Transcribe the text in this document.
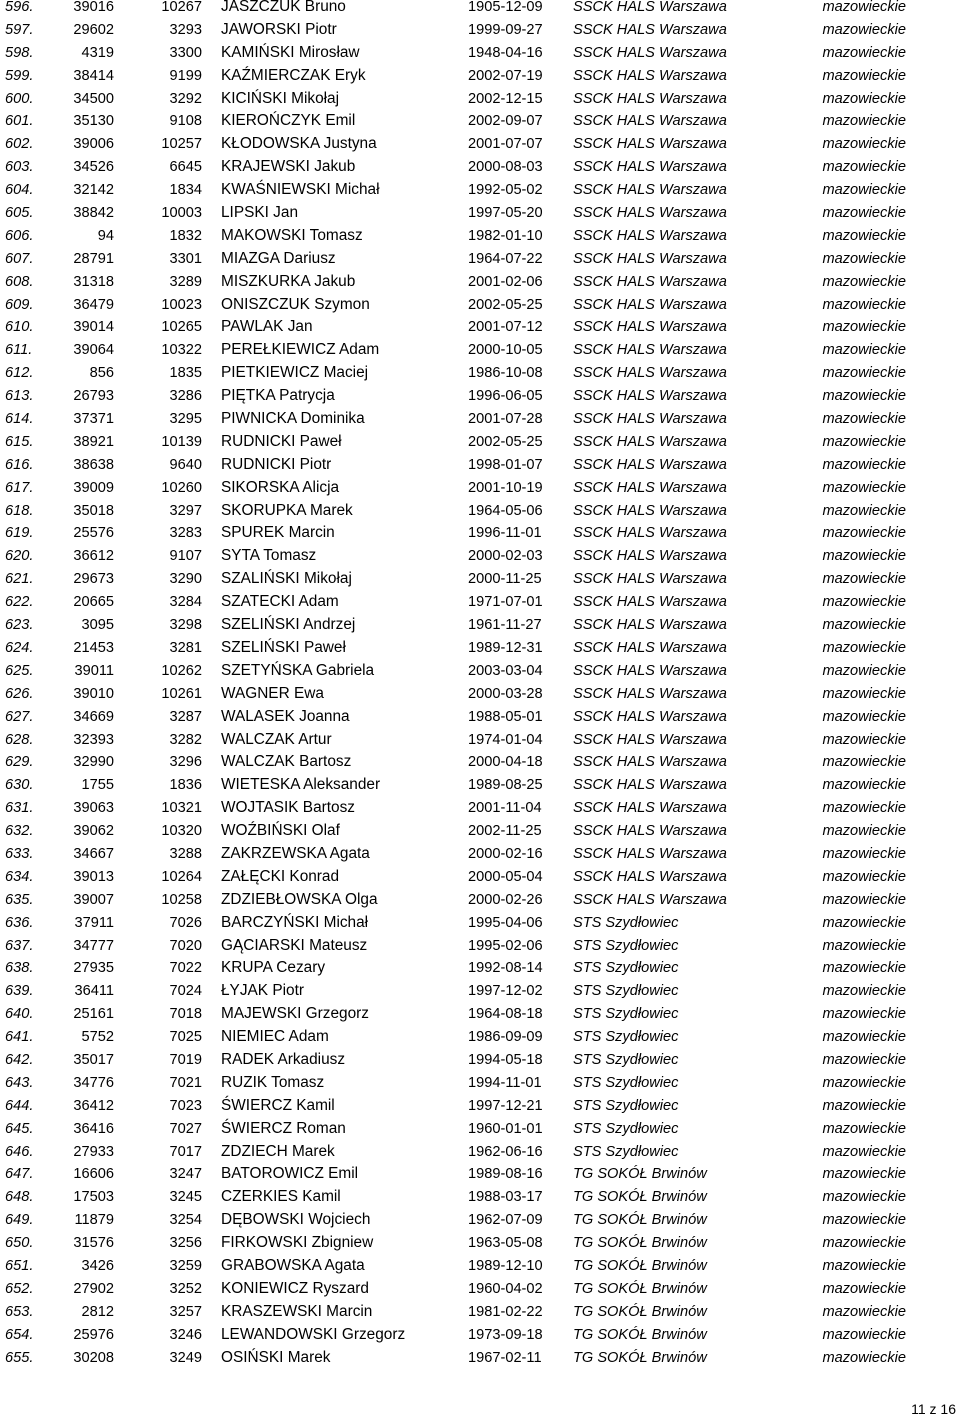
596.	39016	10267 JASZCZUK Bruno	1905-12-09 SSCK HALS Warszawa	mazowieckie
597.	29602	3293 JAWORSKI Piotr	1999-09-27 SSCK HALS Warszawa	mazowieckie
598.	4319	3300 KAMIŃSKI Mirosław	1948-04-16 SSCK HALS Warszawa	mazowieckie
599.	38414	9199 KAŹMIERCZAK Eryk	2002-07-19 SSCK HALS Warszawa	mazowieckie
600.	34500	3292 KICIŃSKI Mikołaj	2002-12-15 SSCK HALS Warszawa	mazowieckie
601.	35130	9108 KIEROŃCZYK Emil	2002-09-07 SSCK HALS Warszawa	mazowieckie
602.	39006	10257 KŁODOWSKA Justyna	2001-07-07 SSCK HALS Warszawa	mazowieckie
603.	34526	6645 KRAJEWSKI Jakub	2000-08-03 SSCK HALS Warszawa	mazowieckie
604.	32142	1834 KWAŚNIEWSKI Michał	1992-05-02 SSCK HALS Warszawa	mazowieckie
605.	38842	10003 LIPSKI Jan	1997-05-20 SSCK HALS Warszawa	mazowieckie
606.	94	1832 MAKOWSKI Tomasz	1982-01-10 SSCK HALS Warszawa	mazowieckie
607.	28791	3301 MIAZGA Dariusz	1964-07-22 SSCK HALS Warszawa	mazowieckie
608.	31318	3289 MISZKURKA Jakub	2001-02-06 SSCK HALS Warszawa	mazowieckie
609.	36479	10023 ONISZCZUK Szymon	2002-05-25 SSCK HALS Warszawa	mazowieckie
610.	39014	10265 PAWLAK Jan	2001-07-12 SSCK HALS Warszawa	mazowieckie
611.	39064	10322 PEREŁKIEWICZ Adam	2000-10-05 SSCK HALS Warszawa	mazowieckie
612.	856	1835 PIETKIEWICZ Maciej	1986-10-08 SSCK HALS Warszawa	mazowieckie
613.	26793	3286 PIĘTKA Patrycja	1996-06-05 SSCK HALS Warszawa	mazowieckie
614.	37371	3295 PIWNICKA Dominika	2001-07-28 SSCK HALS Warszawa	mazowieckie
615.	38921	10139 RUDNICKI Paweł	2002-05-25 SSCK HALS Warszawa	mazowieckie
616.	38638	9640 RUDNICKI Piotr	1998-01-07 SSCK HALS Warszawa	mazowieckie
617.	39009	10260 SIKORSKA Alicja	2001-10-19 SSCK HALS Warszawa	mazowieckie
618.	35018	3297 SKORUPKA Marek	1964-05-06 SSCK HALS Warszawa	mazowieckie
619.	25576	3283 SPUREK Marcin	1996-11-01 SSCK HALS Warszawa	mazowieckie
620.	36612	9107 SYTA Tomasz	2000-02-03 SSCK HALS Warszawa	mazowieckie
621.	29673	3290 SZALIŃSKI Mikołaj	2000-11-25 SSCK HALS Warszawa	mazowieckie
622.	20665	3284 SZATECKI Adam	1971-07-01 SSCK HALS Warszawa	mazowieckie
623.	3095	3298 SZELIŃSKI Andrzej	1961-11-27 SSCK HALS Warszawa	mazowieckie
624.	21453	3281 SZELIŃSKI Paweł	1989-12-31 SSCK HALS Warszawa	mazowieckie
625.	39011	10262 SZETYŃSKA Gabriela	2003-03-04 SSCK HALS Warszawa	mazowieckie
626.	39010	10261 WAGNER Ewa	2000-03-28 SSCK HALS Warszawa	mazowieckie
627.	34669	3287 WALASEK Joanna	1988-05-01 SSCK HALS Warszawa	mazowieckie
628.	32393	3282 WALCZAK Artur	1974-01-04 SSCK HALS Warszawa	mazowieckie
629.	32990	3296 WALCZAK Bartosz	2000-04-18 SSCK HALS Warszawa	mazowieckie
630.	1755	1836 WIETESKA Aleksander	1989-08-25 SSCK HALS Warszawa	mazowieckie
631.	39063	10321 WOJTASIK Bartosz	2001-11-04 SSCK HALS Warszawa	mazowieckie
632.	39062	10320 WOŹBIŃSKI Olaf	2002-11-25 SSCK HALS Warszawa	mazowieckie
633.	34667	3288 ZAKRZEWSKA Agata	2000-02-16 SSCK HALS Warszawa	mazowieckie
634.	39013	10264 ZAŁĘCKI Konrad	2000-05-04 SSCK HALS Warszawa	mazowieckie
635.	39007	10258 ZDZIEBŁOWSKA Olga	2000-02-26 SSCK HALS Warszawa	mazowieckie
636.	37911	7026 BARCZYŃSKI Michał	1995-04-06 STS Szydłowiec	mazowieckie
637.	34777	7020 GĄCIARSKI Mateusz	1995-02-06 STS Szydłowiec	mazowieckie
638.	27935	7022 KRUPA Cezary	1992-08-14 STS Szydłowiec	mazowieckie
639.	36411	7024 ŁYJAK Piotr	1997-12-02 STS Szydłowiec	mazowieckie
640.	25161	7018 MAJEWSKI Grzegorz	1964-08-18 STS Szydłowiec	mazowieckie
641.	5752	7025 NIEMIEC Adam	1986-09-09 STS Szydłowiec	mazowieckie
642.	35017	7019 RADEK Arkadiusz	1994-05-18 STS Szydłowiec	mazowieckie
643.	34776	7021 RUZIK Tomasz	1994-11-01 STS Szydłowiec	mazowieckie
644.	36412	7023 ŚWIERCZ Kamil	1997-12-21 STS Szydłowiec	mazowieckie
645.	36416	7027 ŚWIERCZ Roman	1960-01-01 STS Szydłowiec	mazowieckie
646.	27933	7017 ZDZIECH Marek	1962-06-16 STS Szydłowiec	mazowieckie
647.	16606	3247 BATOROWICZ Emil	1989-08-16 TG SOKÓŁ Brwinów	mazowieckie
648.	17503	3245 CZERKIES Kamil	1988-03-17 TG SOKÓŁ Brwinów	mazowieckie
649.	11879	3254 DĘBOWSKI Wojciech	1962-07-09 TG SOKÓŁ Brwinów	mazowieckie
650.	31576	3256 FIRKOWSKI Zbigniew	1963-05-08 TG SOKÓŁ Brwinów	mazowieckie
651.	3426	3259 GRABOWSKA Agata	1989-12-10 TG SOKÓŁ Brwinów	mazowieckie
652.	27902	3252 KONIEWICZ Ryszard	1960-04-02 TG SOKÓŁ Brwinów	mazowieckie
653.	2812	3257 KRASZEWSKI Marcin	1981-02-22 TG SOKÓŁ Brwinów	mazowieckie
654.	25976	3246 LEWANDOWSKI Grzegorz	1973-09-18 TG SOKÓŁ Brwinów	mazowieckie
655.	30208	3249 OSIŃSKI Marek	1967-02-11 TG SOKÓŁ Brwinów	mazowieckie
11 z 16
